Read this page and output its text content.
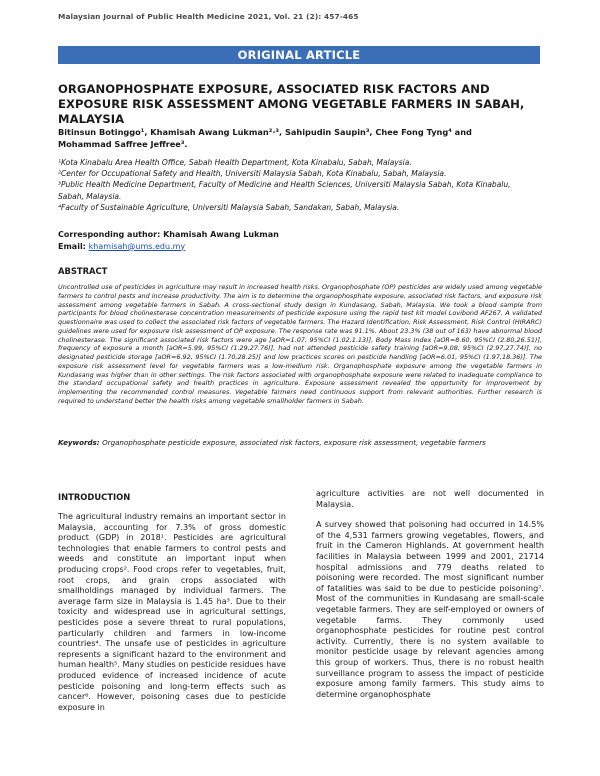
Malaysian Journal of Public Health Medicine 2021, Vol. 21 (2): 457-465
ORIGINAL ARTICLE
ORGANOPHOSPHATE EXPOSURE, ASSOCIATED RISK FACTORS AND EXPOSURE RISK ASSESSMENT AMONG VEGETABLE FARMERS IN SABAH, MALAYSIA
Bitinsun Botinggo¹, Khamisah Awang Lukman²·³, Sahipudin Saupin³, Chee Fong Tyng⁴ and Mohammad Saffree Jeffree³.
¹Kota Kinabalu Area Health Office, Sabah Health Department, Kota Kinabalu, Sabah, Malaysia.
²Center for Occupational Safety and Health, Universiti Malaysia Sabah, Kota Kinabalu, Sabah, Malaysia.
³Public Health Medicine Department, Faculty of Medicine and Health Sciences, Universiti Malaysia Sabah, Kota Kinabalu, Sabah, Malaysia.
⁴Faculty of Sustainable Agriculture, Universiti Malaysia Sabah, Sandakan, Sabah, Malaysia.
Corresponding author: Khamisah Awang Lukman
Email: khamisah@ums.edu.my
ABSTRACT
Uncontrolled use of pesticides in agriculture may result in increased health risks. Organophosphate (OP) pesticides are widely used among vegetable farmers to control pests and increase productivity. The aim is to determine the organophosphate exposure, associated risk factors, and exposure risk assessment among vegetable farmers in Sabah. A cross-sectional study design in Kundasang, Sabah, Malaysia. We took a blood sample from participants for blood cholinesterase concentration measurements of pesticide exposure using the rapid test kit model Lovibond AF267. A validated questionnaire was used to collect the associated risk factors of vegetable farmers. The Hazard Identification, Risk Assessment, Risk Control (HIRARC) guidelines were used for exposure risk assessment of OP exposure. The response rate was 91.1%. About 23.3% (38 out of 163) have abnormal blood cholinesterase. The significant associated risk factors were age [aOR=1.07, 95%CI (1.02,1.13)], Body Mass Index [aOR=8.60, 95%CI (2.80,26.51)], frequency of exposure a month [aOR=5.99, 95%CI (1.29,27.76)], had not attended pesticide safety training [aOR=9.08, 95%CI (2.97,27.74)], no designated pesticide storage [aOR=6.92, 95%CI (1.70,28.25)] and low practices scores on pesticide handling [aOR=6.01, 95%CI (1.97,18.36)]. The exposure risk assessment level for vegetable farmers was a low-medium risk. Organophosphate exposure among the vegetable farmers in Kundasang was higher than in other settings. The risk factors associated with organophosphate exposure were related to inadequate compliance to the standard occupational safety and health practices in agriculture. Exposure assessment revealed the opportunity for improvement by implementing the recommended control measures. Vegetable farmers need continuous support from relevant authorities. Further research is required to understand better the health risks among vegetable smallholder farmers in Sabah.
Keywords: Organophosphate pesticide exposure, associated risk factors, exposure risk assessment, vegetable farmers
INTRODUCTION

The agricultural industry remains an important sector in Malaysia, accounting for 7.3% of gross domestic product (GDP) in 2018¹. Pesticides are agricultural technologies that enable farmers to control pests and weeds and constitute an important input when producing crops². Food crops refer to vegetables, fruit, root crops, and grain crops associated with smallholdings managed by individual farmers. The average farm size in Malaysia is 1.45 ha³. Due to their toxicity and widespread use in agricultural settings, pesticides pose a severe threat to rural populations, particularly children and farmers in low-income countries⁴. The unsafe use of pesticides in agriculture represents a significant hazard to the environment and human health⁵. Many studies on pesticide residues have produced evidence of increased incidence of acute pesticide poisoning and long-term effects such as cancer⁶. However, poisoning cases due to pesticide exposure in

agriculture activities are not well documented in Malaysia.

A survey showed that poisoning had occurred in 14.5% of the 4,531 farmers growing vegetables, flowers, and fruit in the Cameron Highlands. At government health facilities in Malaysia between 1999 and 2001, 21714 hospital admissions and 779 deaths related to poisoning were recorded. The most significant number of fatalities was said to be due to pesticide poisoning⁷. Most of the communities in Kundasang are small-scale vegetable farmers. They are self-employed or owners of vegetable farms. They commonly used organophosphate pesticides for routine pest control activity. Currently, there is no system available to monitor pesticide usage by relevant agencies among this group of workers. Thus, there is no robust health surveillance program to assess the impact of pesticide exposure among family farmers. This study aims to determine organophosphate
